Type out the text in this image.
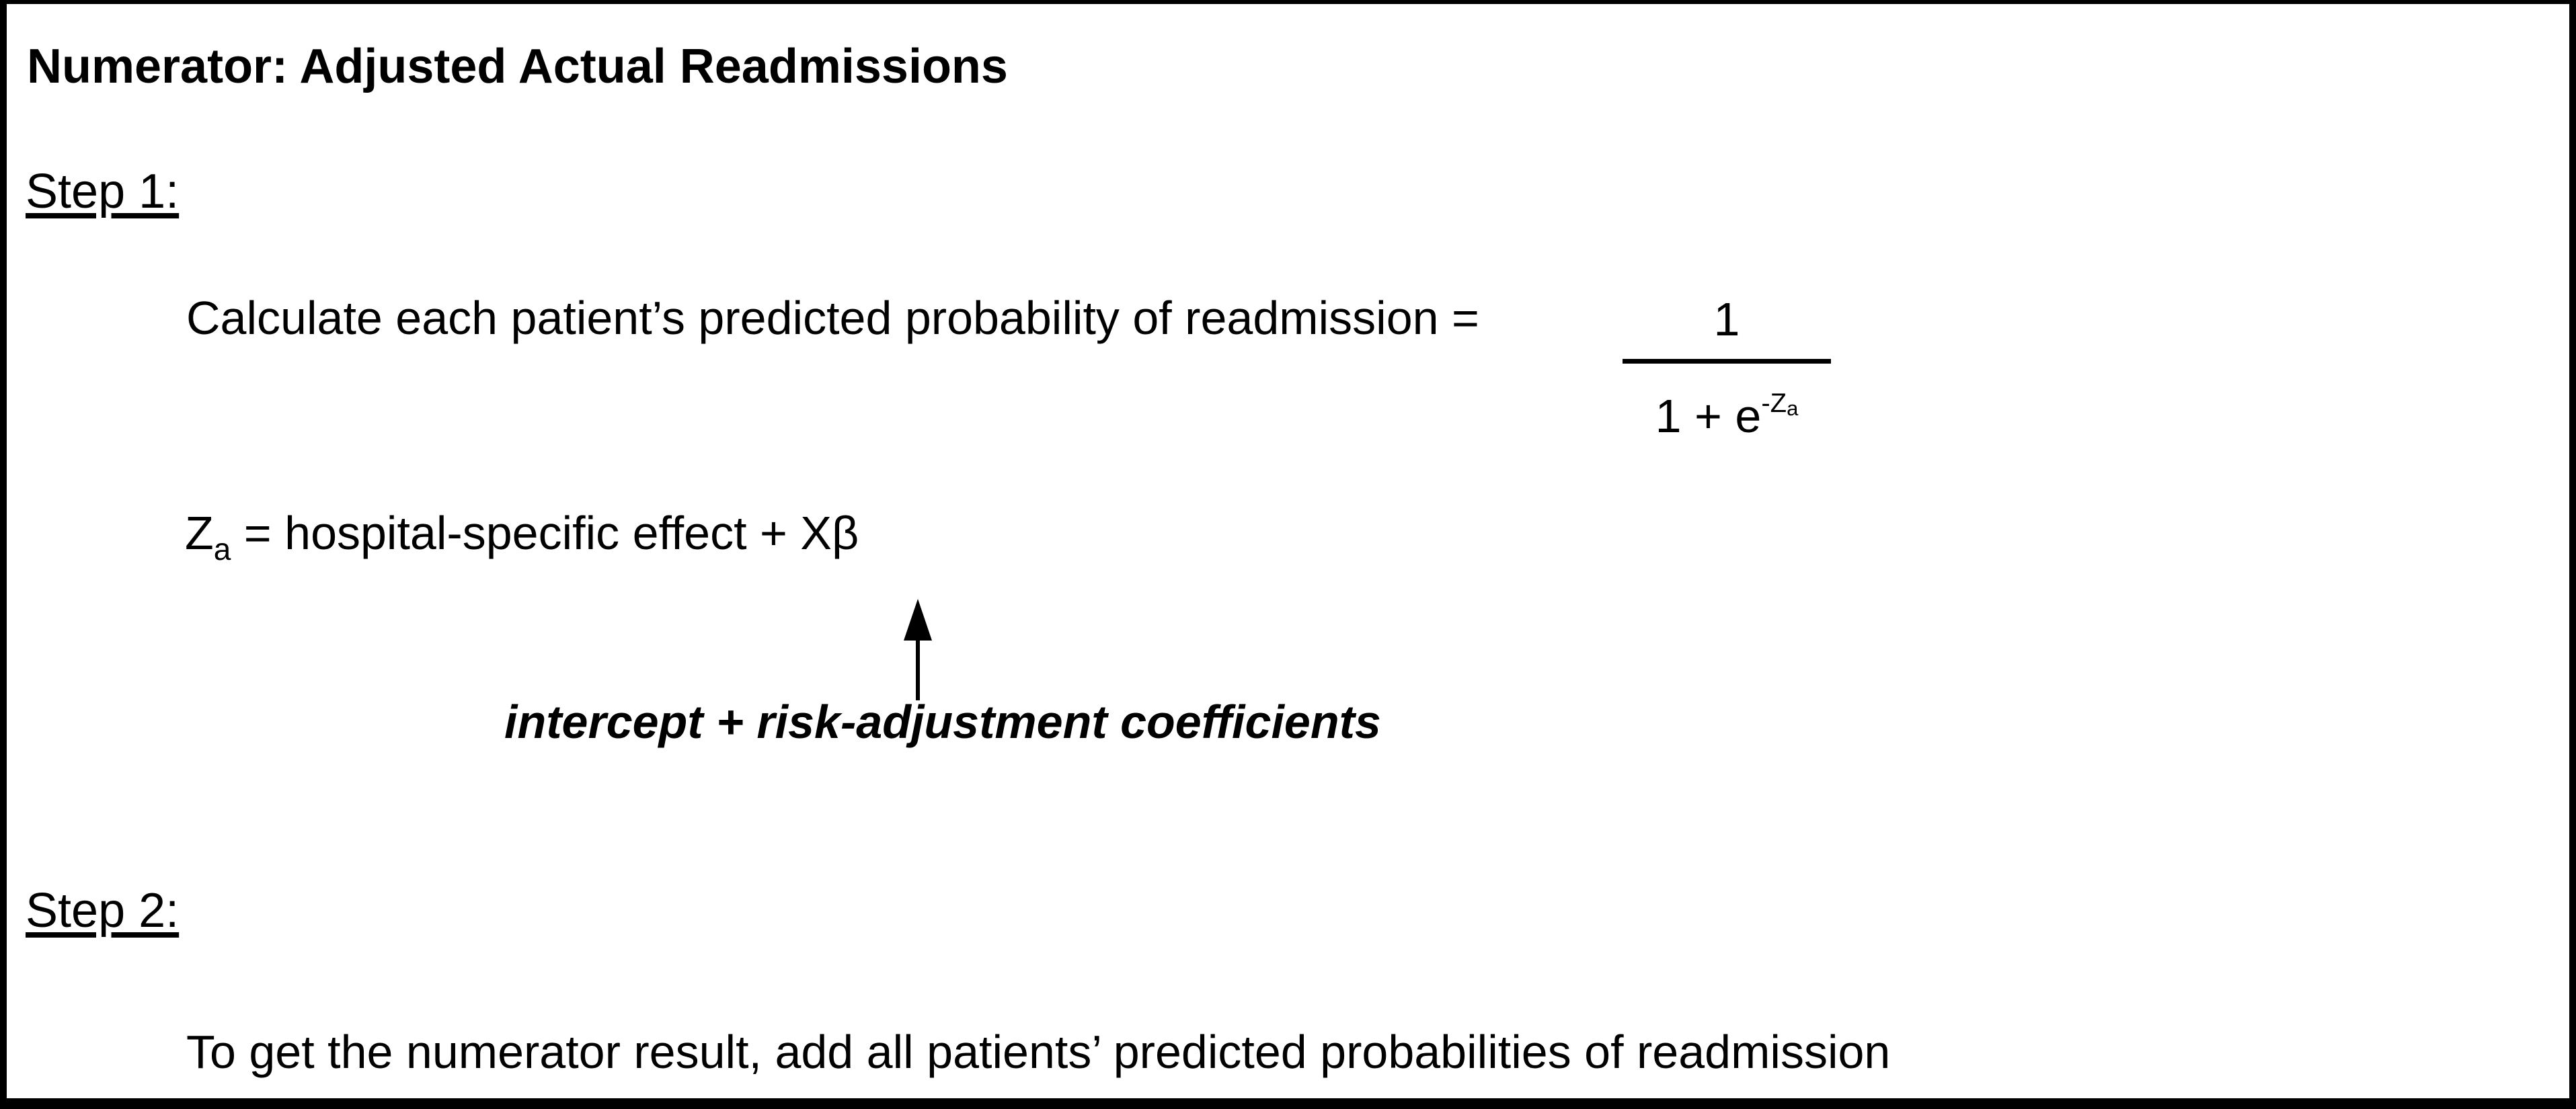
Numerator: Adjusted Actual Readmissions
Step 1:
Calculate each patient’s predicted probability of readmission =	1
$1 + e^{-Za}$
$Z_a$ = hospital-specific effect + Xβ
intercept + risk-adjustment coefficients
Step 2:
To get the numerator result, add all patients’ predicted probabilities of readmission
